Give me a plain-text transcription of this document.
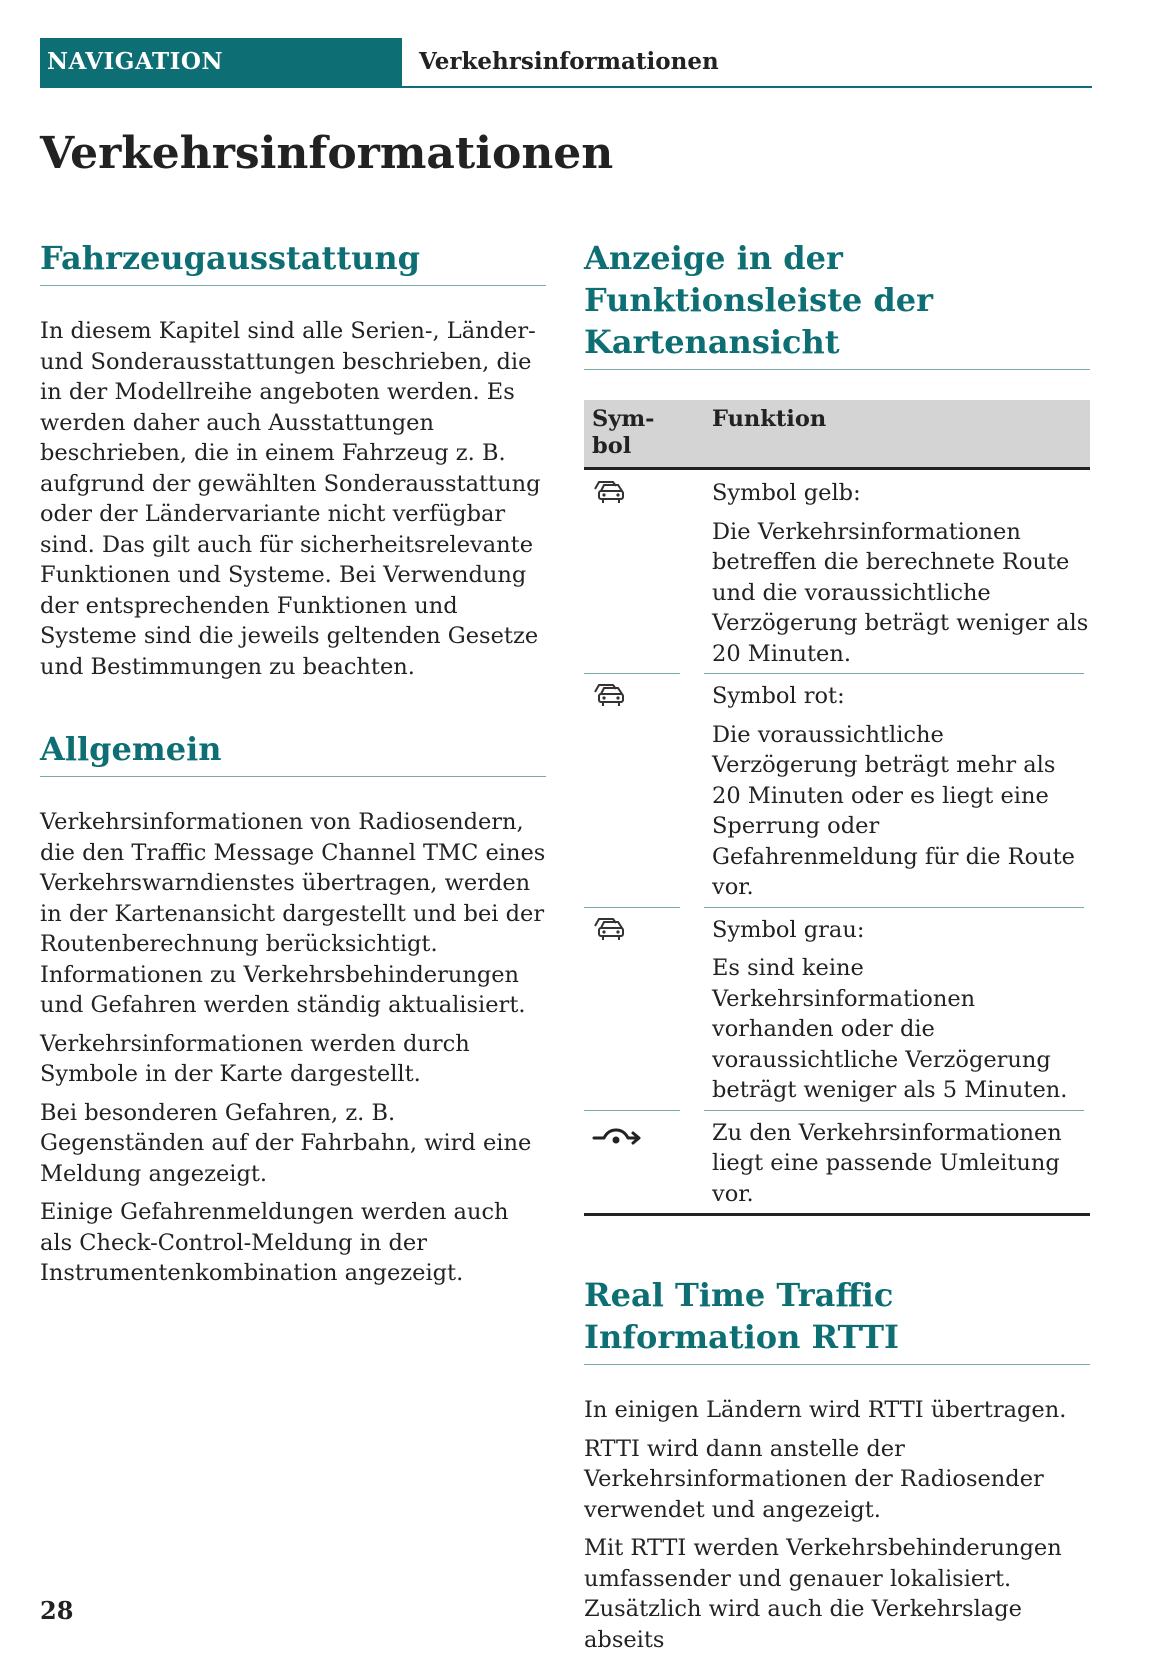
NAVIGATION	Verkehrsinformationen
Verkehrsinformationen
Fahrzeugausstattung

In diesem Kapitel sind alle Serien-, Länder- und Sonderausstattungen beschrieben, die in der Modellreihe angeboten werden. Es werden daher auch Ausstattungen beschrieben, die in einem Fahrzeug z. B. aufgrund der gewählten Sonderausstattung oder der Ländervariante nicht verfügbar sind. Das gilt auch für sicherheitsrelevante Funktionen und Systeme. Bei Verwendung der entsprechenden Funktionen und Systeme sind die jeweils geltenden Gesetze und Bestimmungen zu beachten.

Allgemein

Verkehrsinformationen von Radiosendern, die den Traffic Message Channel TMC eines Verkehrswarndienstes übertragen, werden in der Kartenansicht dargestellt und bei der Routenberechnung berücksichtigt. Informationen zu Verkehrsbehinderungen und Gefahren werden ständig aktualisiert.

Verkehrsinformationen werden durch Symbole in der Karte dargestellt.

Bei besonderen Gefahren, z. B. Gegenständen auf der Fahrbahn, wird eine Meldung angezeigt.

Einige Gefahrenmeldungen werden auch als Check-Control-Meldung in der Instrumentenkombination angezeigt.

Anzeige in der Funktionsleiste der Kartenansicht
Sym-
bol
Funktion

Symbol gelb:

Die Verkehrsinformationen betreffen die berechnete Route und die voraussichtliche Verzögerung beträgt weniger als 20 Minuten.

Symbol rot:

Die voraussichtliche Verzögerung beträgt mehr als 20 Minuten oder es liegt eine Sperrung oder Gefahrenmeldung für die Route vor.

Symbol grau:

Es sind keine Verkehrsinformationen vorhanden oder die voraussichtliche Verzögerung beträgt weniger als 5 Minuten.

Zu den Verkehrsinformationen liegt eine passende Umleitung vor.

Real Time Traffic Information RTTI

In einigen Ländern wird RTTI übertragen.

RTTI wird dann anstelle der Verkehrsinformationen der Radiosender verwendet und angezeigt.

Mit RTTI werden Verkehrsbehinderungen umfassender und genauer lokalisiert. Zusätzlich wird auch die Verkehrslage abseits

28
